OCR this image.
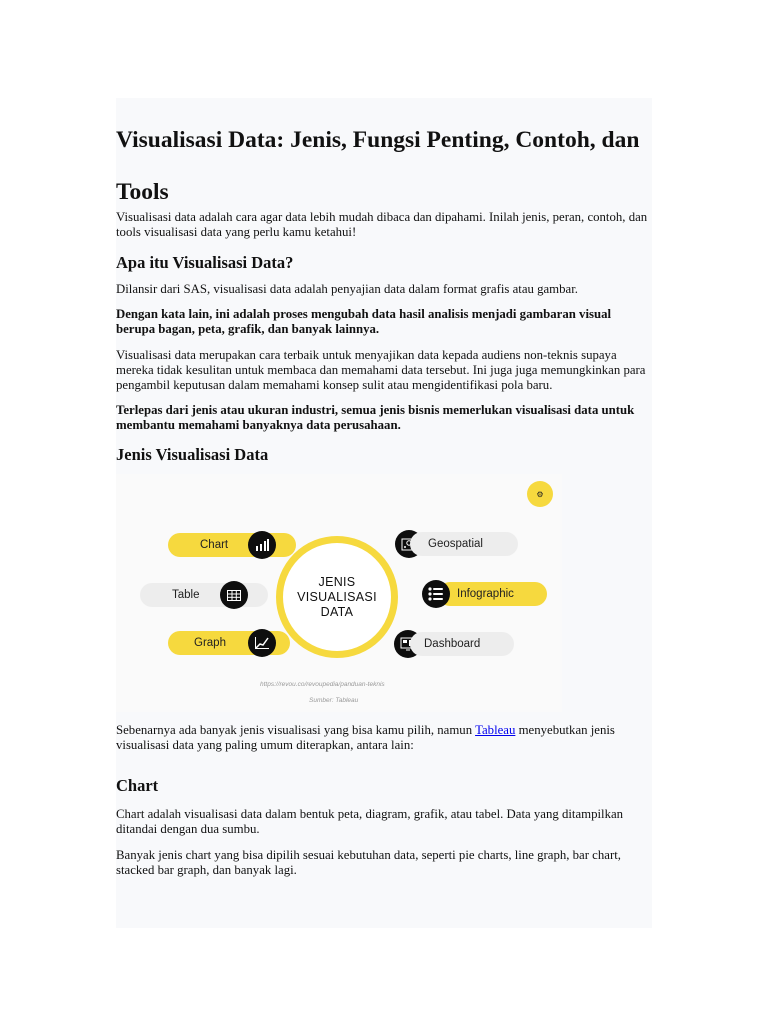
Visualisasi Data: Jenis, Fungsi Penting, Contoh, dan Tools

Visualisasi data adalah cara agar data lebih mudah dibaca dan dipahami. Inilah jenis, peran, contoh, dan tools visualisasi data yang perlu kamu ketahui!

Apa itu Visualisasi Data?

Dilansir dari SAS, visualisasi data adalah penyajian data dalam format grafis atau gambar.

Dengan kata lain, ini adalah proses mengubah data hasil analisis menjadi gambaran visual berupa bagan, peta, grafik, dan banyak lainnya.

Visualisasi data merupakan cara terbaik untuk menyajikan data kepada audiens non-teknis supaya mereka tidak kesulitan untuk membaca dan memahami data tersebut. Ini juga juga memungkinkan para pengambil keputusan dalam memahami konsep sulit atau mengidentifikasi pola baru.

Terlepas dari jenis atau ukuran industri, semua jenis bisnis memerlukan visualisasi data untuk membantu memahami banyaknya data perusahaan.

Jenis Visualisasi Data
⚙
Chart
Table
Graph
JENIS
VISUALISASI
DATA
Geospatial
Infographic
Dashboard
https://revou.co/revoupedia/panduan-teknis
Sumber: Tableau

Sebenarnya ada banyak jenis visualisasi yang bisa kamu pilih, namun Tableau menyebutkan jenis visualisasi data yang paling umum diterapkan, antara lain:

Chart

Chart adalah visualisasi data dalam bentuk peta, diagram, grafik, atau tabel. Data yang ditampilkan ditandai dengan dua sumbu.

Banyak jenis chart yang bisa dipilih sesuai kebutuhan data, seperti pie charts, line graph, bar chart, stacked bar graph, dan banyak lagi.
